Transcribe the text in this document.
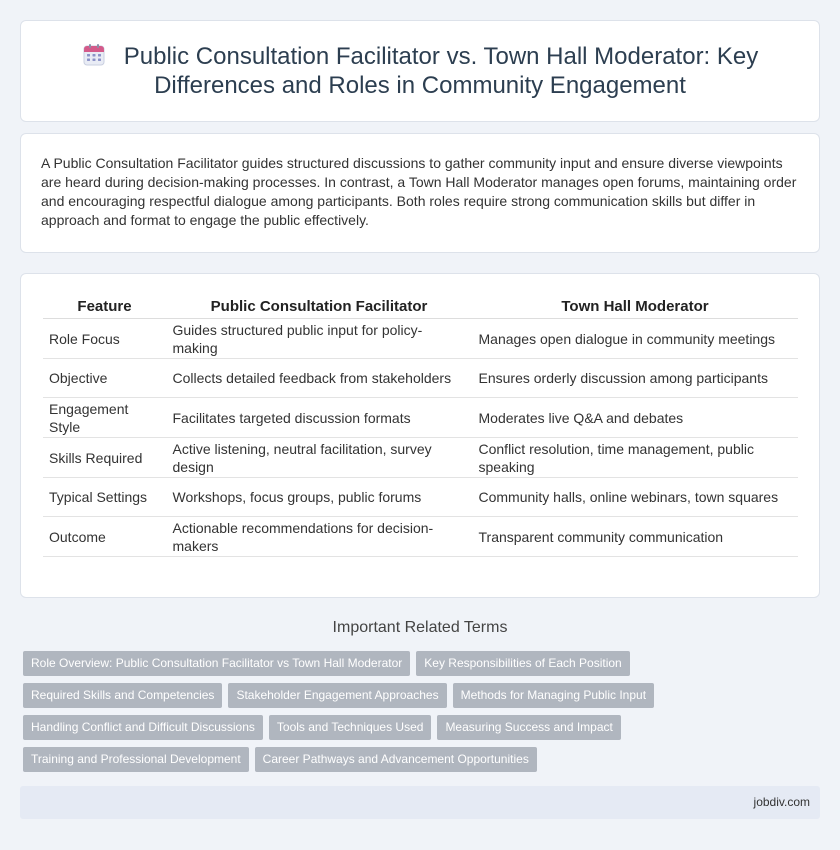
Public Consultation Facilitator vs. Town Hall Moderator: Key Differences and Roles in Community Engagement

A Public Consultation Facilitator guides structured discussions to gather community input and ensure diverse viewpoints are heard during decision-making processes. In contrast, a Town Hall Moderator manages open forums, maintaining order and encouraging respectful dialogue among participants. Both roles require strong communication skills but differ in approach and format to engage the public effectively.

Feature	Public Consultation Facilitator	Town Hall Moderator
Role Focus	Guides structured public input for policy-making	Manages open dialogue in community meetings
Objective	Collects detailed feedback from stakeholders	Ensures orderly discussion among participants
Engagement Style	Facilitates targeted discussion formats	Moderates live Q&A and debates
Skills Required	Active listening, neutral facilitation, survey design	Conflict resolution, time management, public speaking
Typical Settings	Workshops, focus groups, public forums	Community halls, online webinars, town squares
Outcome	Actionable recommendations for decision-makers	Transparent community communication
Important Related Terms
Role Overview: Public Consultation Facilitator vs Town Hall Moderator Key Responsibilities of Each Position
Required Skills and Competencies Stakeholder Engagement Approaches Methods for Managing Public Input
Handling Conflict and Difficult Discussions Tools and Techniques Used Measuring Success and Impact
Training and Professional Development Career Pathways and Advancement Opportunities
jobdiv.com
